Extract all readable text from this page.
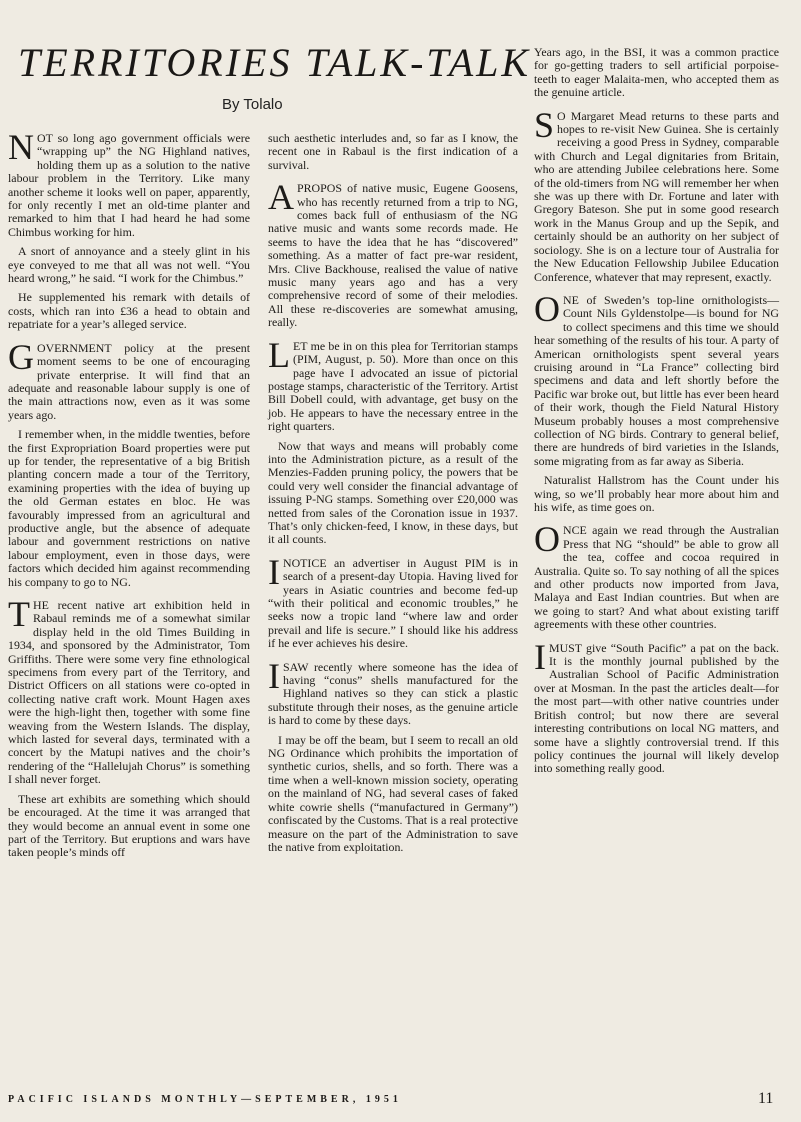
TERRITORIES TALK-TALK
By Tolalo

NOT so long ago government officials were “wrapping up” the NG Highland natives, holding them up as a solution to the native labour problem in the Territory. Like many another scheme it looks well on paper, apparently, for only recently I met an old-time planter and remarked to him that I had heard he had some Chimbus working for him.

A snort of annoyance and a steely glint in his eye conveyed to me that all was not well. “You heard wrong,” he said. “I work for the Chimbus.”

He supplemented his remark with details of costs, which ran into £36 a head to obtain and repatriate for a year’s alleged service.

GOVERNMENT policy at the present moment seems to be one of encouraging private enterprise. It will find that an adequate and reasonable labour supply is one of the main attractions now, even as it was some years ago.

I remember when, in the middle twenties, before the first Expropriation Board properties were put up for tender, the representative of a big British planting concern made a tour of the Territory, examining properties with the idea of buying up the old German estates en bloc. He was favourably impressed from an agricultural and productive angle, but the absence of adequate labour and government restrictions on native labour employment, even in those days, were factors which decided him against recommending his company to go to NG.

THE recent native art exhibition held in Rabaul reminds me of a somewhat similar display held in the old Times Building in 1934, and sponsored by the Administrator, Tom Griffiths. There were some very fine ethnological specimens from every part of the Territory, and District Officers on all stations were co-opted in collecting native craft work. Mount Hagen axes were the high-light then, together with some fine weaving from the Western Islands. The display, which lasted for several days, terminated with a concert by the Matupi natives and the choir’s rendering of the “Hallelujah Chorus” is something I shall never forget.

These art exhibits are something which should be encouraged. At the time it was arranged that they would become an annual event in some one part of the Territory. But eruptions and wars have taken people’s minds off

such aesthetic interludes and, so far as I know, the recent one in Rabaul is the first indication of a survival.

APROPOS of native music, Eugene Goosens, who has recently returned from a trip to NG, comes back full of enthusiasm of the NG native music and wants some records made. He seems to have the idea that he has “discovered” something. As a matter of fact pre-war resident, Mrs. Clive Backhouse, realised the value of native music many years ago and has a very comprehensive record of some of their melodies. All these re-discoveries are somewhat amusing, really.

LET me be in on this plea for Territorian stamps (PIM, August, p. 50). More than once on this page have I advocated an issue of pictorial postage stamps, characteristic of the Territory. Artist Bill Dobell could, with advantage, get busy on the job. He appears to have the necessary entree in the right quarters.

Now that ways and means will probably come into the Administration picture, as a result of the Menzies-Fadden pruning policy, the powers that be could very well consider the financial advantage of issuing P-NG stamps. Something over £20,000 was netted from sales of the Coronation issue in 1937. That’s only chicken-feed, I know, in these days, but it all counts.

INOTICE an advertiser in August PIM is in search of a present-day Utopia. Having lived for years in Asiatic countries and become fed-up “with their political and economic troubles,” he seeks now a tropic land “where law and order prevail and life is secure.” I should like his address if he ever achieves his desire.

ISAW recently where someone has the idea of having “conus” shells manufactured for the Highland natives so they can stick a plastic substitute through their noses, as the genuine article is hard to come by these days.

I may be off the beam, but I seem to recall an old NG Ordinance which prohibits the importation of synthetic curios, shells, and so forth. There was a time when a well-known mission society, operating on the mainland of NG, had several cases of faked white cowrie shells (“manufactured in Germany”) confiscated by the Customs. That is a real protective measure on the part of the Administration to save the native from exploitation.

Years ago, in the BSI, it was a common practice for go-getting traders to sell artificial porpoise-teeth to eager Malaita-men, who accepted them as the genuine article.

S O Margaret Mead returns to these parts and hopes to re-visit New Guinea. She is certainly receiving a good Press in Sydney, comparable with Church and Legal dignitaries from Britain, who are attending Jubilee celebrations here. Some of the old-timers from NG will remember her when she was up there with Dr. Fortune and later with Gregory Bateson. She put in some good research work in the Manus Group and up the Sepik, and certainly should be an authority on her subject of sociology. She is on a lecture tour of Australia for the New Education Fellowship Jubilee Education Conference, whatever that may represent, exactly.

ONE of Sweden’s top-line ornithologists—Count Nils Gyldenstolpe—is bound for NG to collect specimens and this time we should hear something of the results of his tour. A party of American ornithologists spent several years cruising around in “La France” collecting bird specimens and data and left shortly before the Pacific war broke out, but little has ever been heard of their work, though the Field Natural History Museum probably houses a most comprehensive collection of NG birds. Contrary to general belief, there are hundreds of bird varieties in the Islands, some migrating from as far away as Siberia.

Naturalist Hallstrom has the Count under his wing, so we’ll probably hear more about him and his wife, as time goes on.

ONCE again we read through the Australian Press that NG “should” be able to grow all the tea, coffee and cocoa required in Australia. Quite so. To say nothing of all the spices and other products now imported from Java, Malaya and East Indian countries. But when are we going to start? And what about existing tariff agreements with these other countries.

IMUST give “South Pacific” a pat on the back. It is the monthly journal published by the Australian School of Pacific Administration over at Mosman. In the past the articles dealt—for the most part—with other native countries under British control; but now there are several interesting contributions on local NG matters, and some have a slightly controversial trend. If this policy continues the journal will likely develop into something really good.

PACIFIC ISLANDS MONTHLY—SEPTEMBER, 1951	11
